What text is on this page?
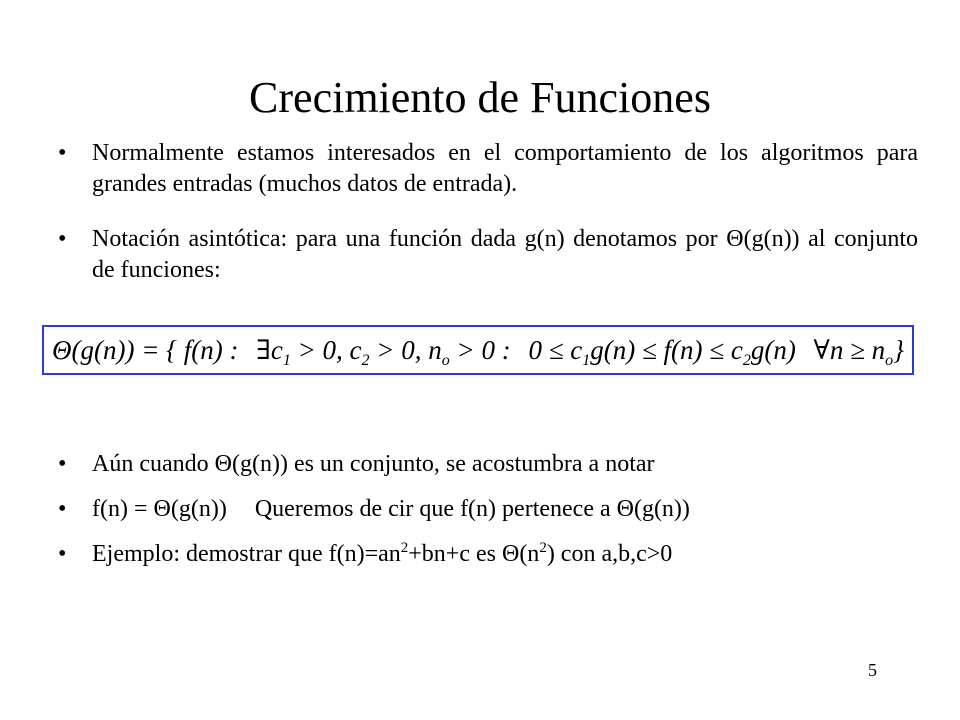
Crecimiento de Funciones
• Normalmente estamos interesados en el comportamiento de los algoritmos para grandes entradas (muchos datos de entrada).
• Notación asintótica: para una función dada g(n) denotamos por Θ(g(n)) al conjunto de funciones:
Θ(g(n)) = { f(n) : $\exists c_1 > 0$, $c_2 > 0$, $n_o > 0$ : $0 \le c_1g(n) \le f(n) \le c_2g(n)$ ∀n ≥ $n_o$}
• Aún cuando Θ(g(n)) es un conjunto, se acostumbra a notar
• f(n) = Θ(g(n)) Queremos de cir que f(n) pertenece a Θ(g(n))
• Ejemplo: demostrar que $f(n)=an^2+bn+c$ es $\Theta(n^2)$ con a,b,c>0
5
